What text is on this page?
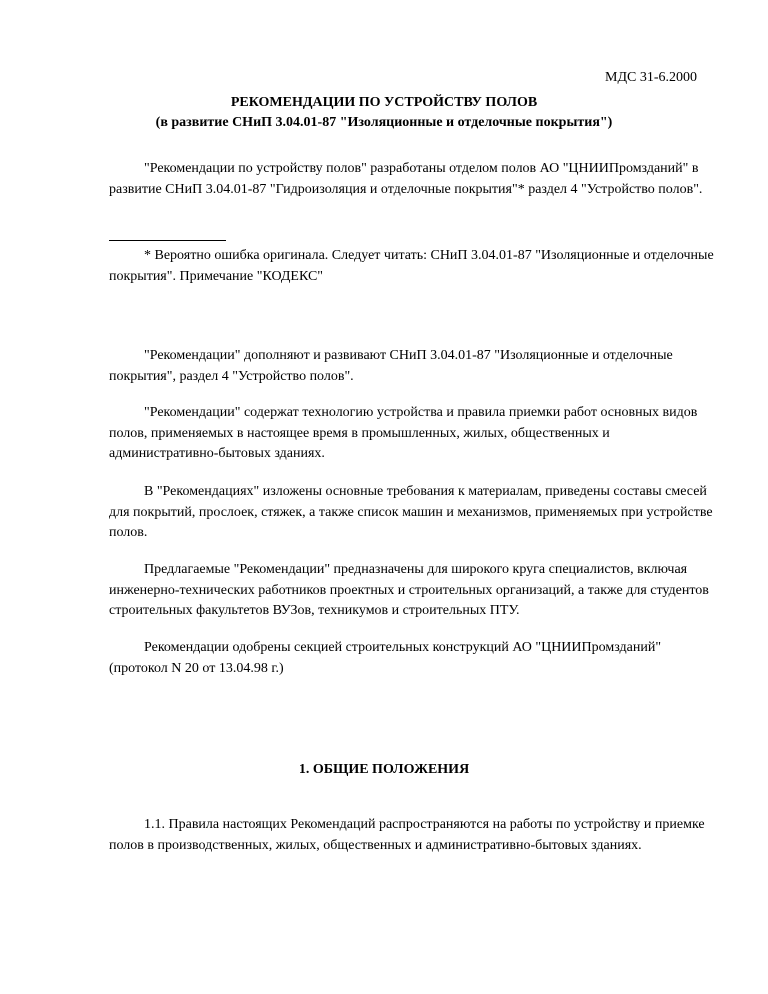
МДС 31-6.2000
РЕКОМЕНДАЦИИ ПО УСТРОЙСТВУ ПОЛОВ
(в развитие СНиП 3.04.01-87 "Изоляционные и отделочные покрытия")

"Рекомендации по устройству полов" разработаны отделом полов АО "ЦНИИПромзданий" в развитие СНиП 3.04.01-87 "Гидроизоляция и отделочные покрытия"* раздел 4 "Устройство полов".

* Вероятно ошибка оригинала. Следует читать: СНиП 3.04.01-87 "Изоляционные и отделочные покрытия". Примечание "КОДЕКС"

"Рекомендации" дополняют и развивают СНиП 3.04.01-87 "Изоляционные и отделочные покрытия", раздел 4 "Устройство полов".

"Рекомендации" содержат технологию устройства и правила приемки работ основных видов полов, применяемых в настоящее время в промышленных, жилых, общественных и административно-бытовых зданиях.

В "Рекомендациях" изложены основные требования к материалам, приведены составы смесей для покрытий, прослоек, стяжек, а также список машин и механизмов, применяемых при устройстве полов.

Предлагаемые "Рекомендации" предназначены для широкого круга специалистов, включая инженерно-технических работников проектных и строительных организаций, а также для студентов строительных факультетов ВУЗов, техникумов и строительных ПТУ.

Рекомендации одобрены секцией строительных конструкций АО "ЦНИИПромзданий" (протокол N 20 от 13.04.98 г.)

1. ОБЩИЕ ПОЛОЖЕНИЯ

1.1. Правила настоящих Рекомендаций распространяются на работы по устройству и приемке полов в производственных, жилых, общественных и административно-бытовых зданиях.
